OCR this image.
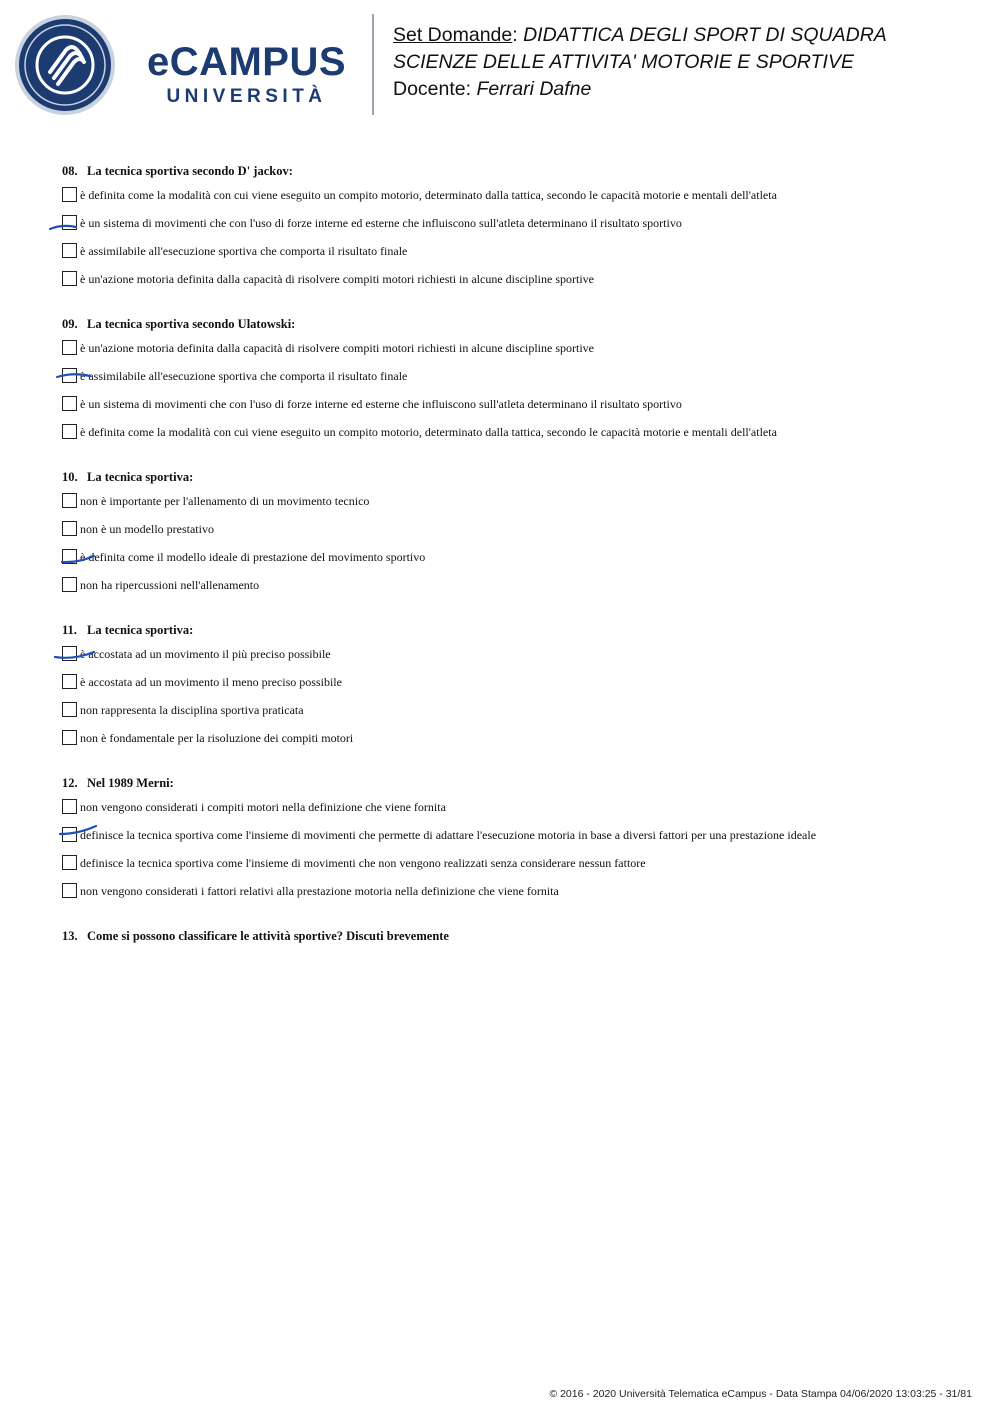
eCAMPUS
UNIVERSITÀ
Set Domande: DIDATTICA DEGLI SPORT DI SQUADRA
SCIENZE DELLE ATTIVITA' MOTORIE E SPORTIVE
Docente: Ferrari Dafne
08. La tecnica sportiva secondo D' jackov:
è definita come la modalità con cui viene eseguito un compito motorio, determinato dalla tattica, secondo le capacità motorie e mentali dell'atleta
è un sistema di movimenti che con l'uso di forze interne ed esterne che influiscono sull'atleta determinano il risultato sportivo
è assimilabile all'esecuzione sportiva che comporta il risultato finale
è un'azione motoria definita dalla capacità di risolvere compiti motori richiesti in alcune discipline sportive
09. La tecnica sportiva secondo Ulatowski:
è un'azione motoria definita dalla capacità di risolvere compiti motori richiesti in alcune discipline sportive
è assimilabile all'esecuzione sportiva che comporta il risultato finale
è un sistema di movimenti che con l'uso di forze interne ed esterne che influiscono sull'atleta determinano il risultato sportivo
è definita come la modalità con cui viene eseguito un compito motorio, determinato dalla tattica, secondo le capacità motorie e mentali dell'atleta
10. La tecnica sportiva:
non è importante per l'allenamento di un movimento tecnico
non è un modello prestativo
è definita come il modello ideale di prestazione del movimento sportivo
non ha ripercussioni nell'allenamento
11. La tecnica sportiva:
è accostata ad un movimento il più preciso possibile
è accostata ad un movimento il meno preciso possibile
non rappresenta la disciplina sportiva praticata
non è fondamentale per la risoluzione dei compiti motori
12. Nel 1989 Merni:
non vengono considerati i compiti motori nella definizione che viene fornita
definisce la tecnica sportiva come l'insieme di movimenti che permette di adattare l'esecuzione motoria in base a diversi fattori per una prestazione ideale
definisce la tecnica sportiva come l'insieme di movimenti che non vengono realizzati senza considerare nessun fattore
non vengono considerati i fattori relativi alla prestazione motoria nella definizione che viene fornita
13. Come si possono classificare le attività sportive? Discuti brevemente
© 2016 - 2020 Università Telematica eCampus - Data Stampa 04/06/2020 13:03:25 - 31/81
